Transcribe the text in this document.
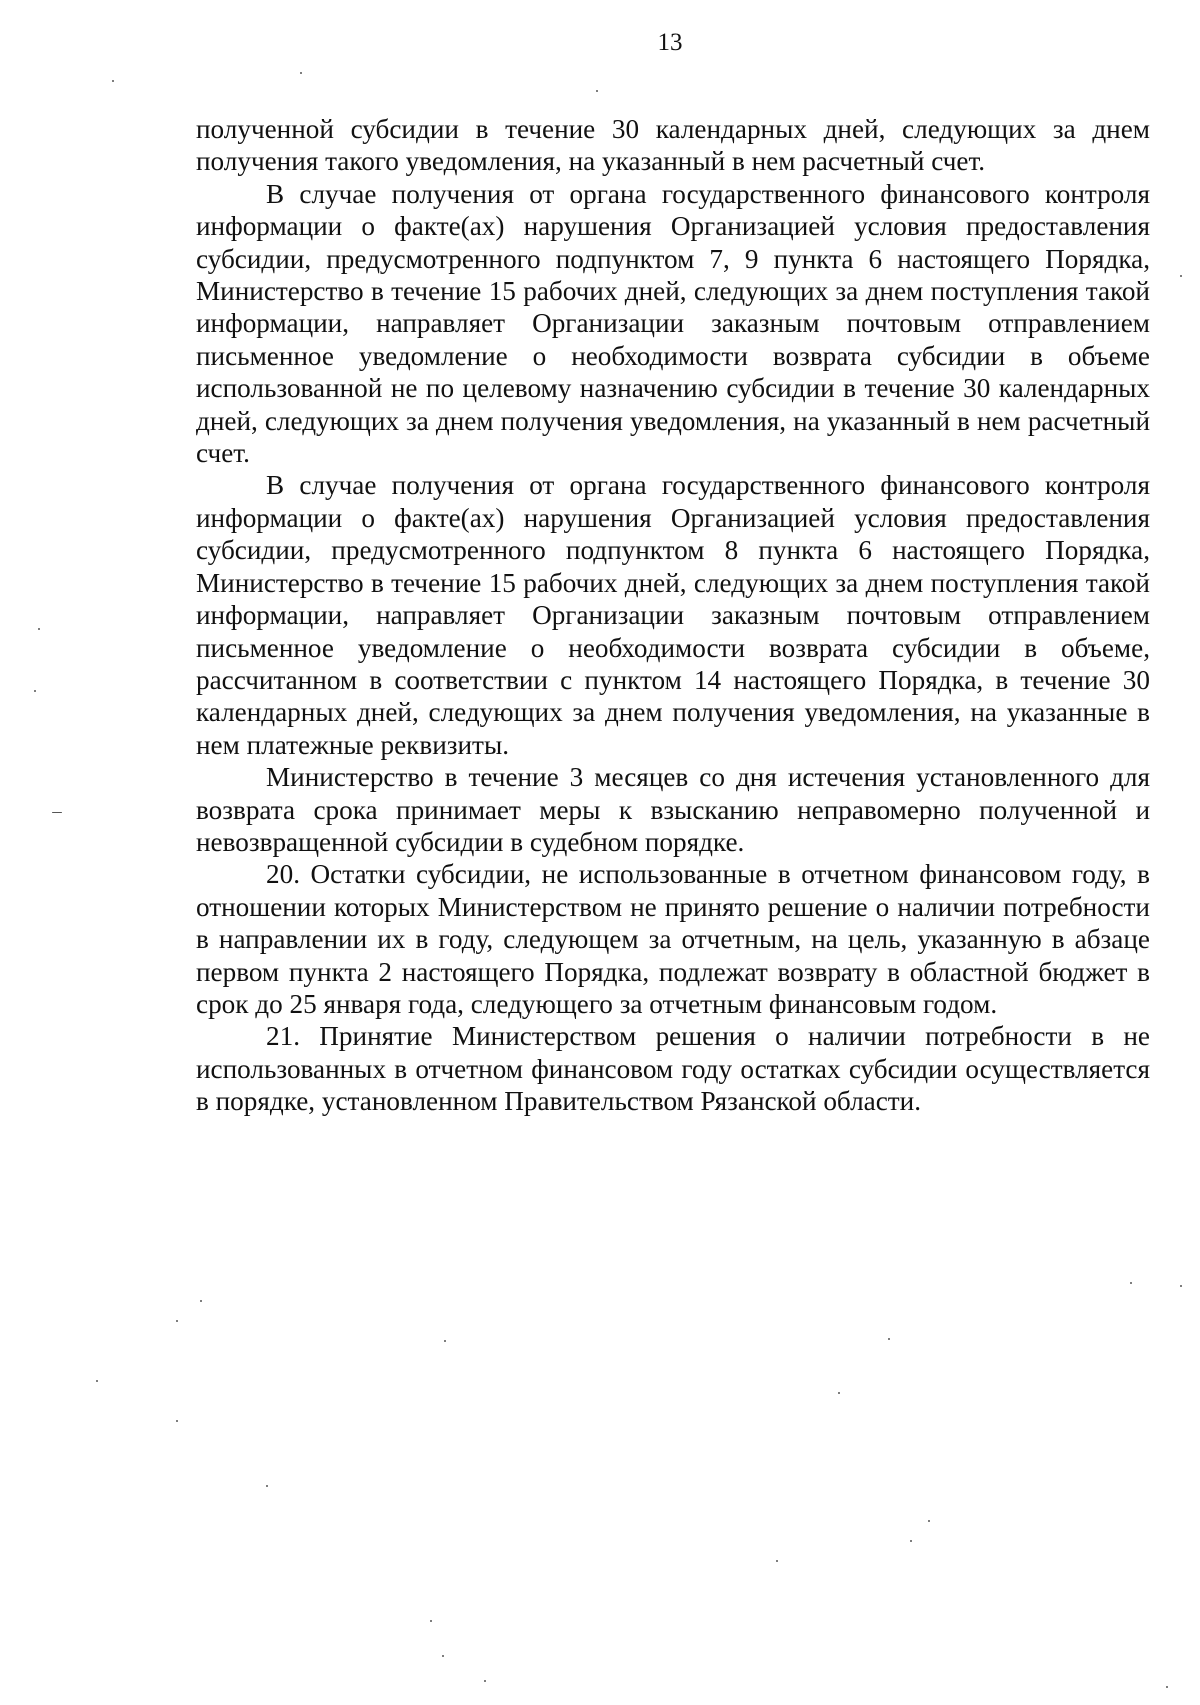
13

полученной субсидии в течение 30 календарных дней, следующих за днем получения такого уведомления, на указанный в нем расчетный счет.

В случае получения от органа государственного финансового контроля информации о факте(ах) нарушения Организацией условия предоставления субсидии, предусмотренного подпунктом 7, 9 пункта 6 настоящего Порядка, Министерство в течение 15 рабочих дней, следующих за днем поступления такой информации, направляет Организации заказным почтовым отправлением письменное уведомление о необходимости возврата субсидии в объеме использованной не по целевому назначению субсидии в течение 30 календарных дней, следующих за днем получения уведомления, на указанный в нем расчетный счет.

В случае получения от органа государственного финансового контроля информации о факте(ах) нарушения Организацией условия предоставления субсидии, предусмотренного подпунктом 8 пункта 6 настоящего Порядка, Министерство в течение 15 рабочих дней, следующих за днем поступления такой информации, направляет Организации заказным почтовым отправлением письменное уведомление о необходимости возврата субсидии в объеме, рассчитанном в соответствии с пунктом 14 настоящего Порядка, в течение 30 календарных дней, следующих за днем получения уведомления, на указанные в нем платежные реквизиты.

Министерство в течение 3 месяцев со дня истечения установленного для возврата срока принимает меры к взысканию неправомерно полученной и невозвращенной субсидии в судебном порядке.

20. Остатки субсидии, не использованные в отчетном финансовом году, в отношении которых Министерством не принято решение о наличии потребности в направлении их в году, следующем за отчетным, на цель, указанную в абзаце первом пункта 2 настоящего Порядка, подлежат возврату в областной бюджет в срок до 25 января года, следующего за отчетным финансовым годом.

21. Принятие Министерством решения о наличии потребности в не использованных в отчетном финансовом году остатках субсидии осуществляется в порядке, установленном Правительством Рязанской области.
